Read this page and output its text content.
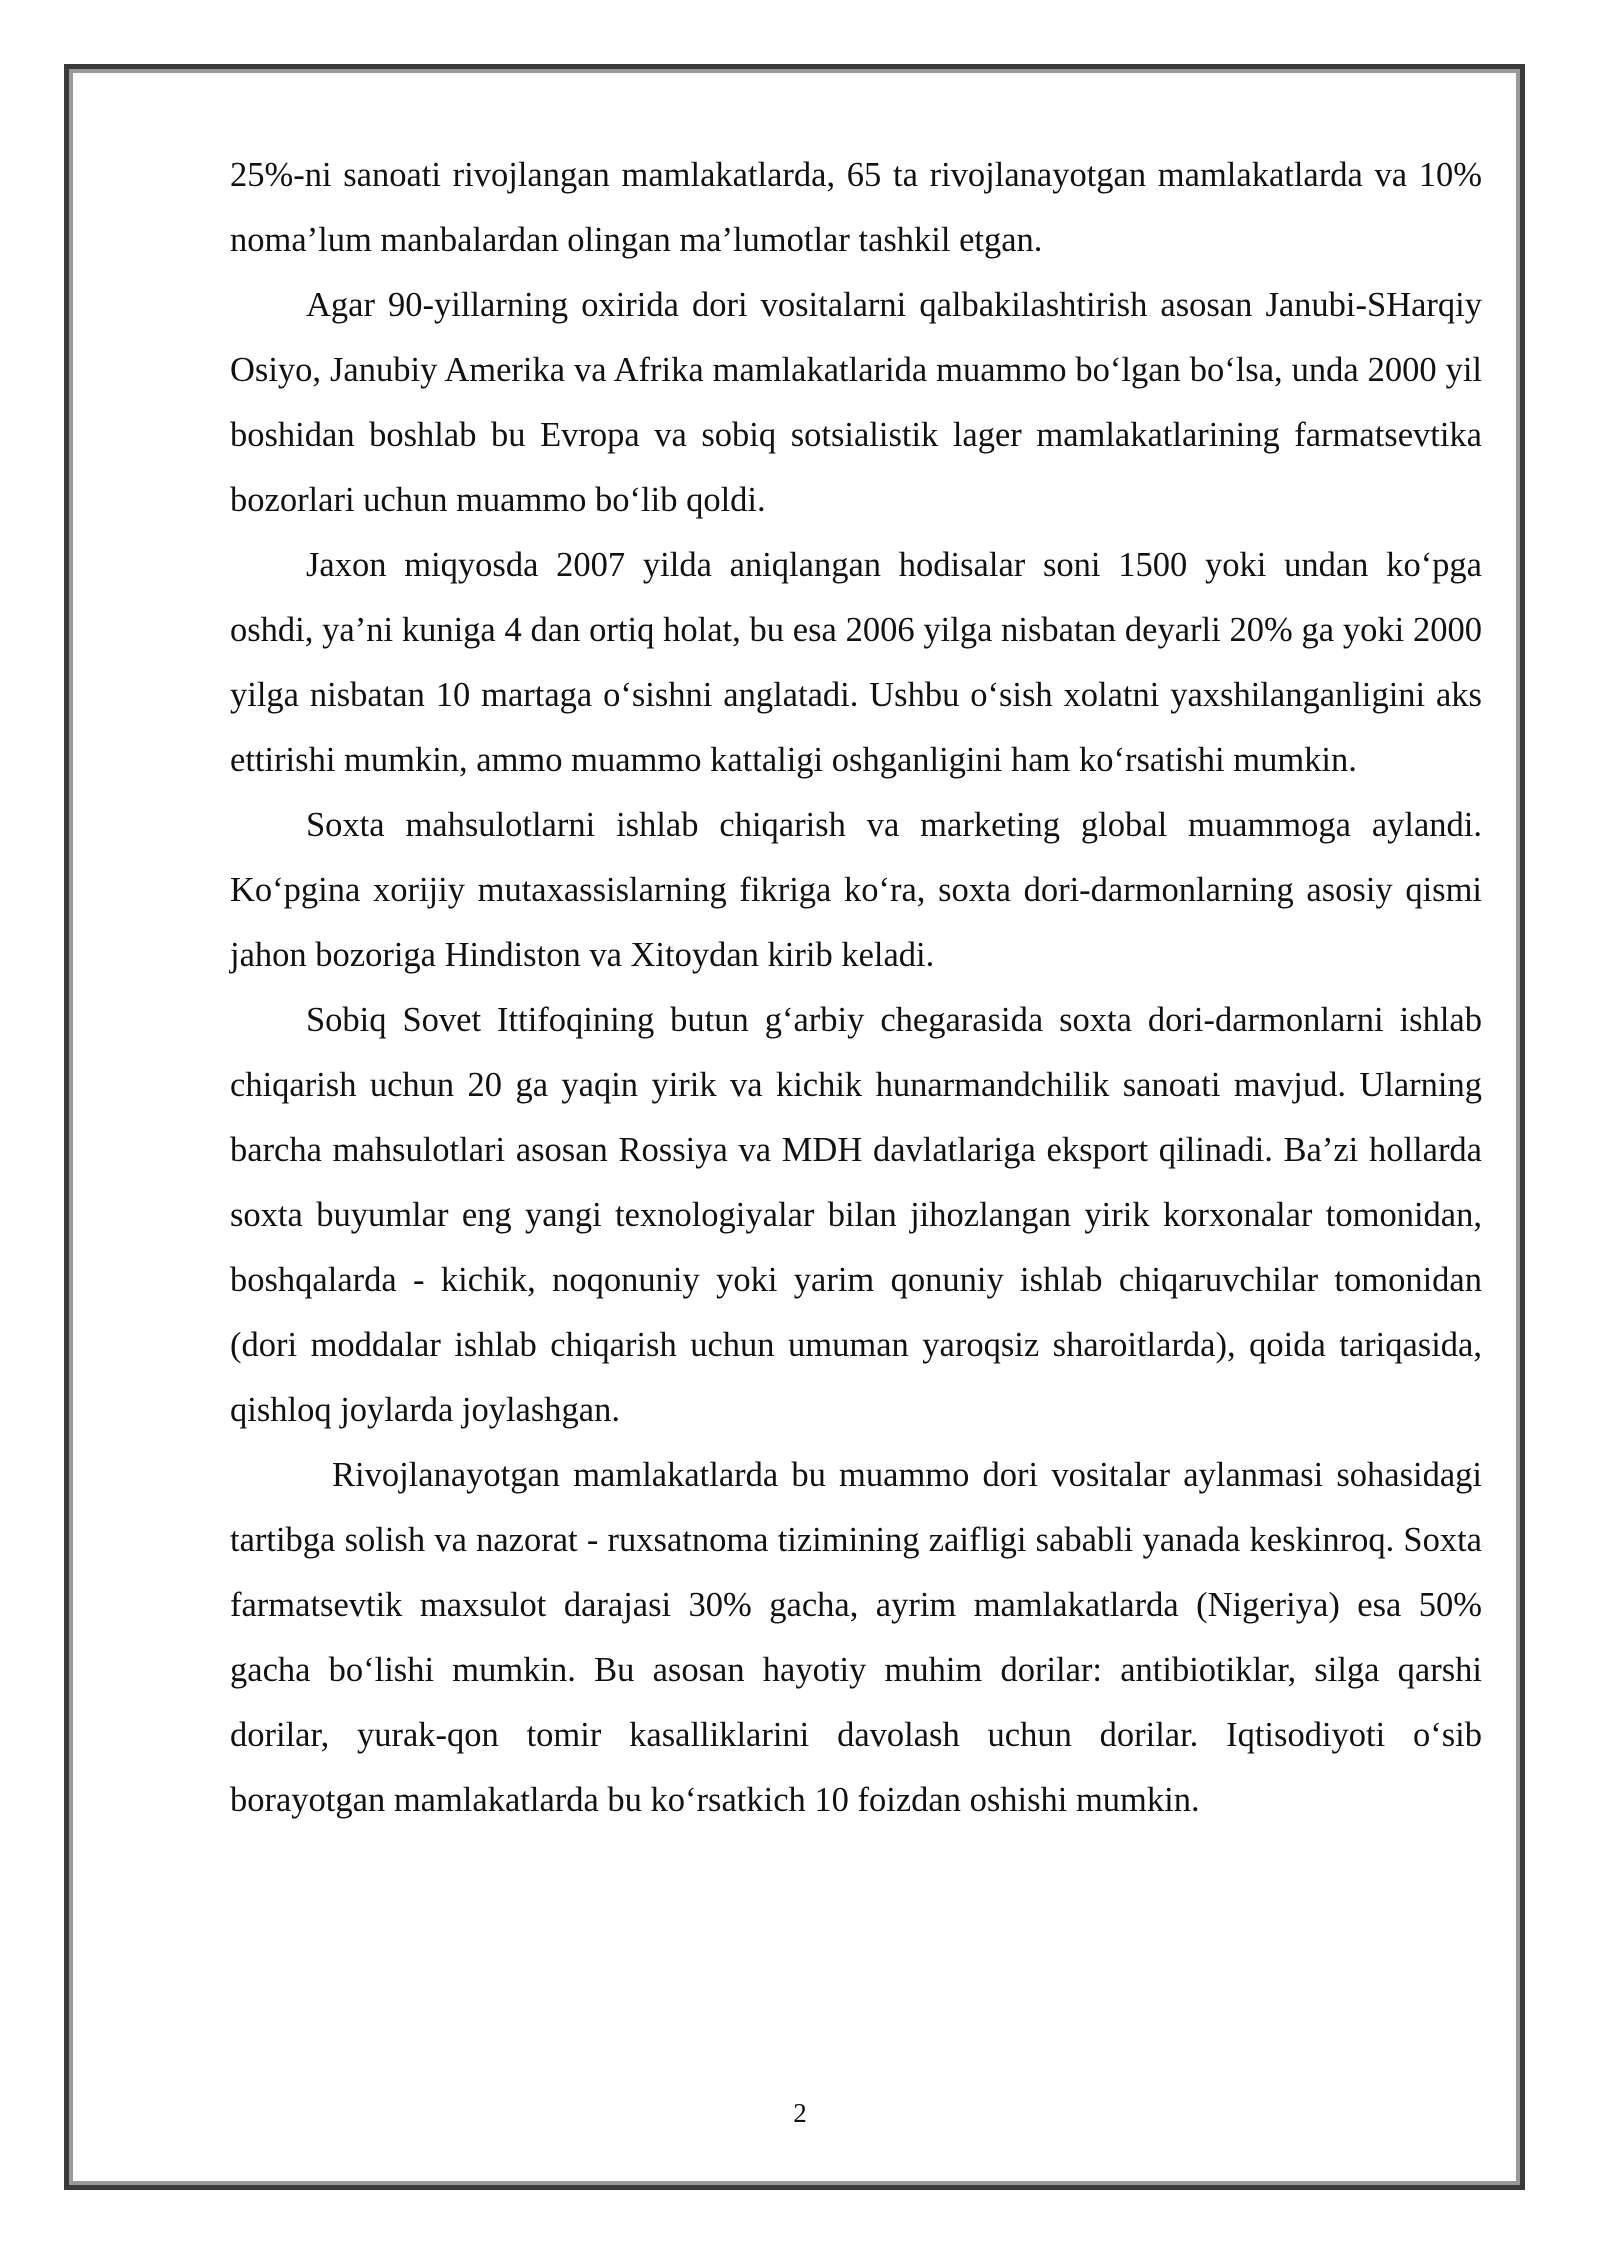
25%-ni sanoati rivojlangan mamlakatlarda, 65 ta rivojlanayotgan mamlakatlarda va 10% noma’lum manbalardan olingan ma’lumotlar tashkil etgan.

Agar 90-yillarning oxirida dori vositalarni qalbakilashtirish asosan Janubi-SHarqiy Osiyo, Janubiy Amerika va Afrika mamlakatlarida muammo bo‘lgan bo‘lsa, unda 2000 yil boshidan boshlab bu Evropa va sobiq sotsialistik lager mamlakatlarining farmatsevtika bozorlari uchun muammo bo‘lib qoldi.

Jaxon miqyosda 2007 yilda aniqlangan hodisalar soni 1500 yoki undan ko‘pga oshdi, ya’ni kuniga 4 dan ortiq holat, bu esa 2006 yilga nisbatan deyarli 20% ga yoki 2000 yilga nisbatan 10 martaga o‘sishni anglatadi. Ushbu o‘sish xolatni yaxshilanganligini aks ettirishi mumkin, ammo muammo kattaligi oshganligini ham ko‘rsatishi mumkin.

Soxta mahsulotlarni ishlab chiqarish va marketing global muammoga aylandi. Ko‘pgina xorijiy mutaxassislarning fikriga ko‘ra, soxta dori-darmonlarning asosiy qismi jahon bozoriga Hindiston va Xitoydan kirib keladi.

Sobiq Sovet Ittifoqining butun g‘arbiy chegarasida soxta dori-darmonlarni ishlab chiqarish uchun 20 ga yaqin yirik va kichik hunarmandchilik sanoati mavjud. Ularning barcha mahsulotlari asosan Rossiya va MDH davlatlariga eksport qilinadi. Ba’zi hollarda soxta buyumlar eng yangi texnologiyalar bilan jihozlangan yirik korxonalar tomonidan, boshqalarda - kichik, noqonuniy yoki yarim qonuniy ishlab chiqaruvchilar tomonidan (dori moddalar ishlab chiqarish uchun umuman yaroqsiz sharoitlarda), qoida tariqasida, qishloq joylarda joylashgan.

Rivojlanayotgan mamlakatlarda bu muammo dori vositalar aylanmasi sohasidagi tartibga solish va nazorat - ruxsatnoma tizimining zaifligi sababli yanada keskinroq. Soxta farmatsevtik maxsulot darajasi 30% gacha, ayrim mamlakatlarda (Nigeriya) esa 50% gacha bo‘lishi mumkin. Bu asosan hayotiy muhim dorilar: antibiotiklar, silga qarshi dorilar, yurak-qon tomir kasalliklarini davolash uchun dorilar. Iqtisodiyoti o‘sib borayotgan mamlakatlarda bu ko‘rsatkich 10 foizdan oshishi mumkin.

2
